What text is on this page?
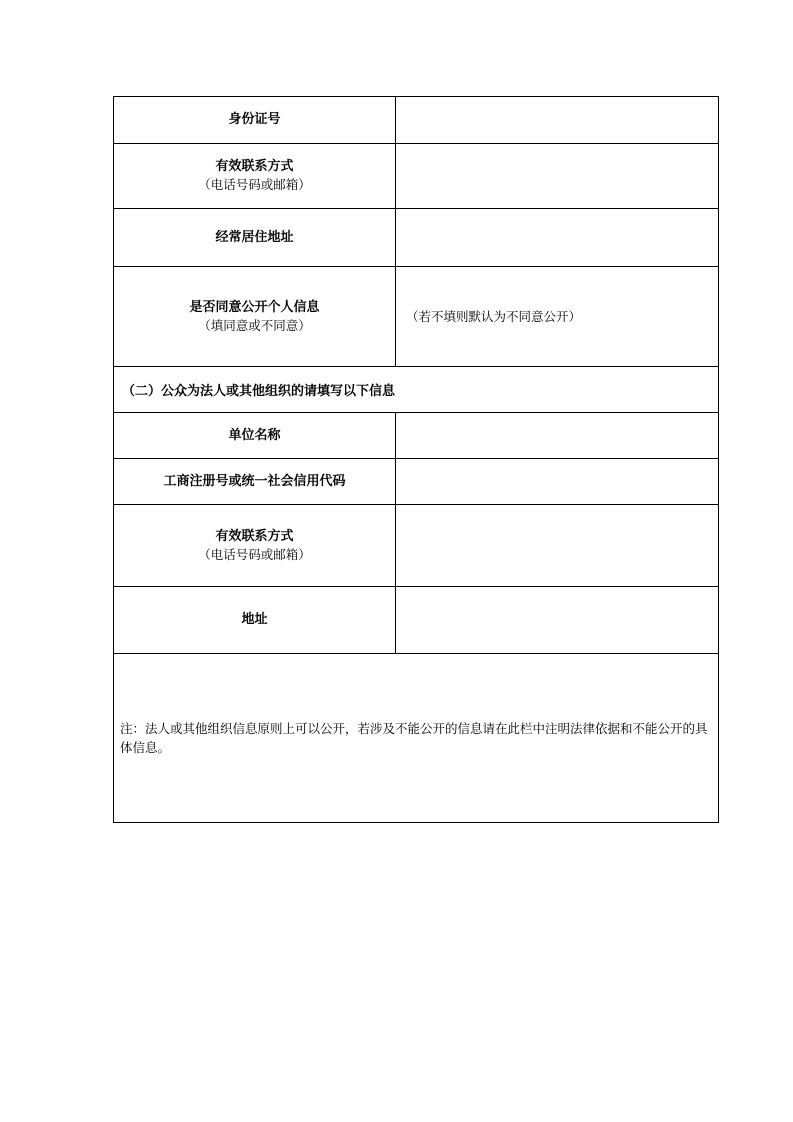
身份证号	

有效联系方式
（电话号码或邮箱）	

经常居住地址	

是否同意公开个人信息
（填同意或不同意）	（若不填则默认为不同意公开）
（二）公众为法人或其他组织的请填写以下信息	

单位名称	

工商注册号或统一社会信用代码	

有效联系方式
（电话号码或邮箱）	

地址	

注：法人或其他组织信息原则上可以公开，若涉及不能公开的信息请在此栏中注明法律依据和不能公开的具体信息。	
